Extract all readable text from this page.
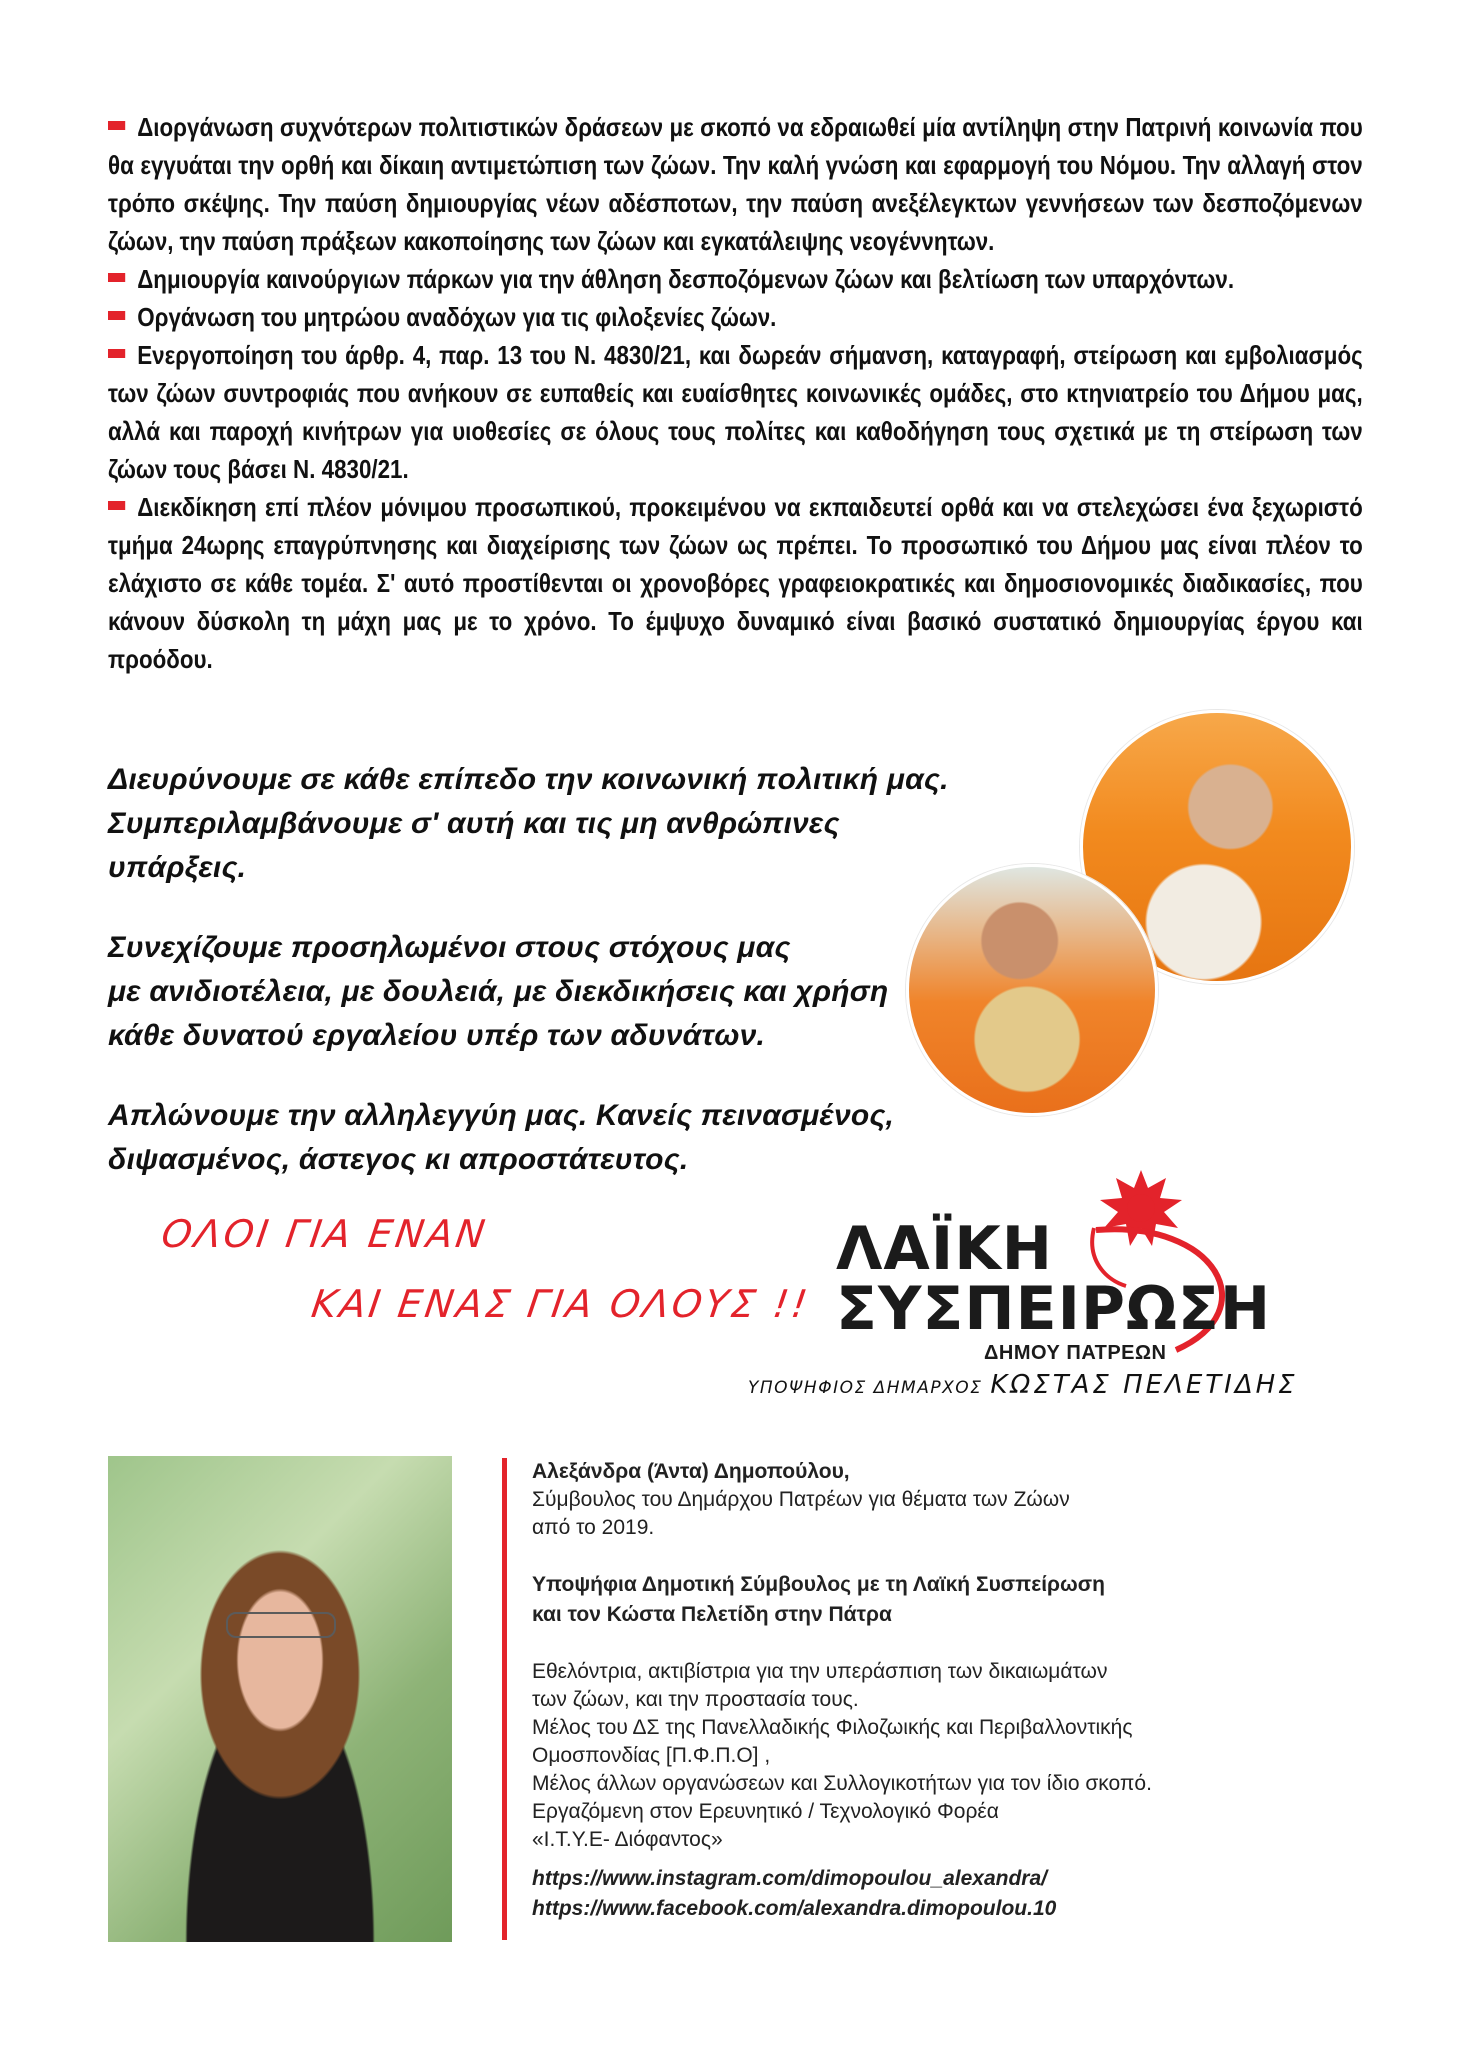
Διοργάνωση συχνότερων πολιτιστικών δράσεων με σκοπό να εδραιωθεί μία αντίληψη στην Πατρινή κοινωνία που θα εγγυάται την ορθή και δίκαιη αντιμετώπιση των ζώων. Την καλή γνώση και εφαρμογή του Νόμου. Την αλλαγή στον τρόπο σκέψης. Την παύση δημιουργίας νέων αδέσποτων, την παύση ανεξέλεγκτων γεννήσεων των δεσποζόμενων ζώων, την παύση πράξεων κακοποίησης των ζώων και εγκατάλειψης νεογέννητων.
Δημιουργία καινούργιων πάρκων για την άθληση δεσποζόμενων ζώων και βελτίωση των υπαρχόντων.
Οργάνωση του μητρώου αναδόχων για τις φιλοξενίες ζώων.
Ενεργοποίηση του άρθρ. 4, παρ. 13 του Ν. 4830/21, και δωρεάν σήμανση, καταγραφή, στείρωση και εμβολιασμός των ζώων συντροφιάς που ανήκουν σε ευπαθείς και ευαίσθητες κοινωνικές ομάδες, στο κτηνιατρείο του Δήμου μας, αλλά και παροχή κινήτρων για υιοθεσίες σε όλους τους πολίτες και καθοδήγηση τους σχετικά με τη στείρωση των ζώων τους βάσει Ν. 4830/21.
Διεκδίκηση επί πλέον μόνιμου προσωπικού, προκειμένου να εκπαιδευτεί ορθά και να στελεχώσει ένα ξεχωριστό τμήμα 24ωρης επαγρύπνησης και διαχείρισης των ζώων ως πρέπει. Το προσωπικό του Δήμου μας είναι πλέον το ελάχιστο σε κάθε τομέα. Σ' αυτό προστίθενται οι χρονοβόρες γραφειοκρατικές και δημοσιονομικές διαδικασίες, που κάνουν δύσκολη τη μάχη μας με το χρόνο. Το έμψυχο δυναμικό είναι βασικό συστατικό δημιουργίας έργου και προόδου.
Διευρύνουμε σε κάθε επίπεδο την κοινωνική πολιτική μας.
Συμπεριλαμβάνουμε σ' αυτή και τις μη ανθρώπινες υπάρξεις.
Συνεχίζουμε προσηλωμένοι στους στόχους μας
με ανιδιοτέλεια, με δουλειά, με διεκδικήσεις και χρήση
κάθε δυνατού εργαλείου υπέρ των αδυνάτων.
Απλώνουμε την αλληλεγγύη μας. Κανείς πεινασμένος,
διψασμένος, άστεγος κι απροστάτευτος.
ΟΛΟΙ ΓΙΑ ΕΝΑΝ
ΚΑΙ ΕΝΑΣ ΓΙΑ ΟΛΟΥΣ !!
ΛΑΪΚΗ
ΣΥΣΠΕΙΡΩΣΗ
ΔΗΜΟΥ ΠΑΤΡΕΩΝ
ΥΠΟΨΗΦΙΟΣ ΔΗΜΑΡΧΟΣ ΚΩΣΤΑΣ ΠΕΛΕΤΙΔΗΣ
Αλεξάνδρα (Άντα) Δημοπούλου,
Σύμβουλος του Δημάρχου Πατρέων για θέματα των Ζώων
από το 2019.
Υποψήφια Δημοτική Σύμβουλος με τη Λαϊκή Συσπείρωση
και τον Κώστα Πελετίδη στην Πάτρα
Εθελόντρια, ακτιβίστρια για την υπεράσπιση των δικαιωμάτων
των ζώων, και την προστασία τους.
Μέλος του ΔΣ της Πανελλαδικής Φιλοζωικής και Περιβαλλοντικής
Ομοσπονδίας [Π.Φ.Π.Ο] ,
Μέλος άλλων οργανώσεων και Συλλογικοτήτων για τον ίδιο σκοπό.
Εργαζόμενη στον Ερευνητικό / Τεχνολογικό Φορέα
«Ι.Τ.Υ.Ε- Διόφαντος»
https://www.instagram.com/dimopoulou_alexandra/
https://www.facebook.com/alexandra.dimopoulou.10
